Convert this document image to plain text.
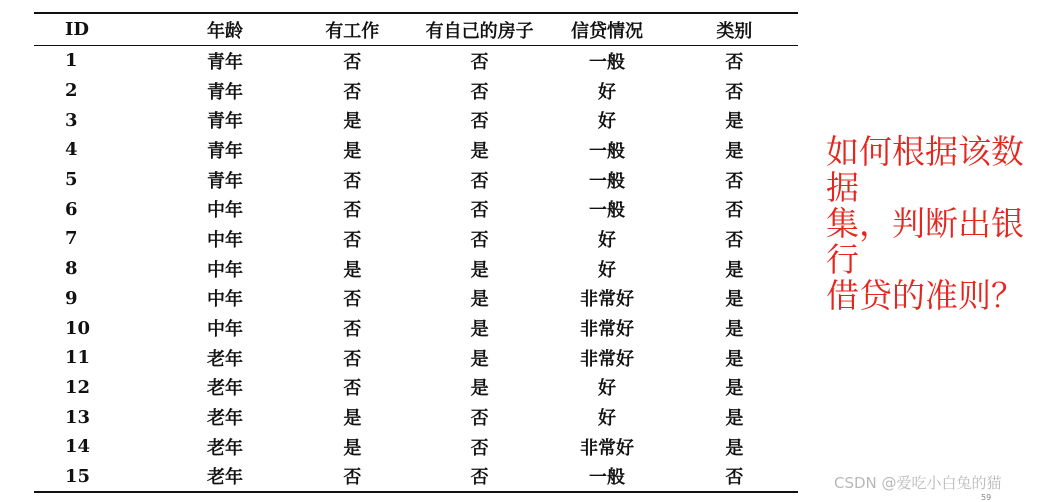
ID	年龄	有工作	有自己的房子	信贷情况	类别
1	青年	否	否	一般	否
2	青年	否	否	好	否
3	青年	是	否	好	是
4	青年	是	是	一般	是
5	青年	否	否	一般	否
6	中年	否	否	一般	否
7	中年	否	否	好	否
8	中年	是	是	好	是
9	中年	否	是	非常好	是
10	中年	否	是	非常好	是
11	老年	否	是	非常好	是
12	老年	否	是	好	是
13	老年	是	否	好	是
14	老年	是	否	非常好	是
15	老年	否	否	一般	否
如何根据该数据
集，判断出银行
借贷的准则？
CSDN @爱吃小白兔的猫
59
